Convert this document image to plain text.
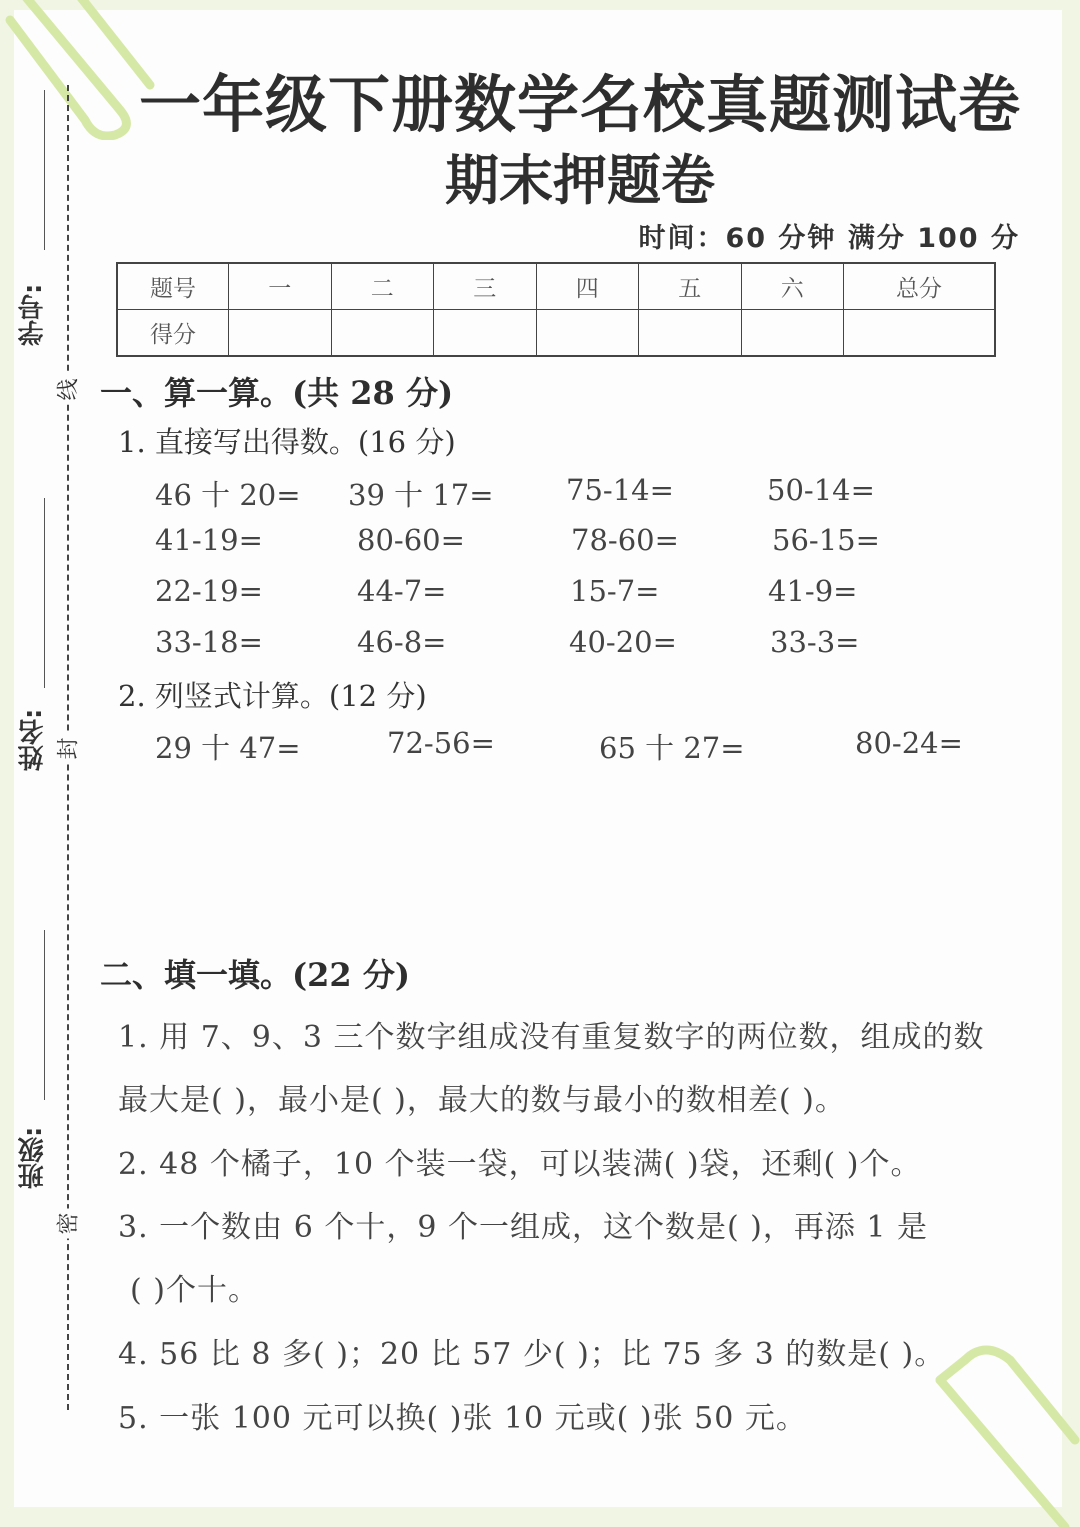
学号:
姓名:
班级:
线
封
密
一年级下册数学名校真题测试卷
期末押题卷
时间：60 分钟 满分 100 分
题号	一	二	三	四	五	六	总分
得分							
一、算一算。(共 28 分)
1. 直接写出得数。(16 分)
46 十 20= 39 十 17= 75-14=	50-14=
41-19=	80-60=	78-60=	56-15=
22-19=	44-7=	15-7=	41-9=
33-18=	46-8=	40-20=	33-3=
2. 列竖式计算。(12 分)
29 十 47=	72-56=	65 十 27=	80-24=
二、填一填。(22 分)
1. 用 7、9、3 三个数字组成没有重复数字的两位数，组成的数
最大是( )，最小是( )，最大的数与最小的数相差( )。
2. 48 个橘子，10 个装一袋，可以装满( )袋，还剩( )个。
3. 一个数由 6 个十，9 个一组成，这个数是( )，再添 1 是
( )个十。
4. 56 比 8 多( )；20 比 57 少( )；比 75 多 3 的数是( )。
5. 一张 100 元可以换( )张 10 元或( )张 50 元。
